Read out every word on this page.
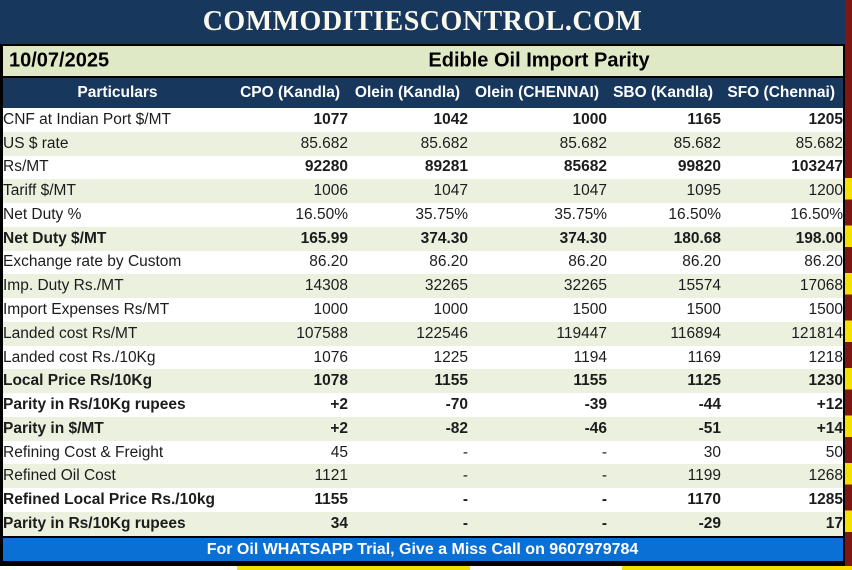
COMMODITIESCONTROL.COM
10/07/2025	Edible Oil Import Parity
Particulars	CPO (Kandla)	Olein (Kandla)	Olein (CHENNAI)	SBO (Kandla)	SFO (Chennai)
CNF at Indian Port $/MT	1077	1042	1000	1165	1205
US $ rate	85.682	85.682	85.682	85.682	85.682
Rs/MT	92280	89281	85682	99820	103247
Tariff $/MT	1006	1047	1047	1095	1200
Net Duty %	16.50%	35.75%	35.75%	16.50%	16.50%
Net Duty $/MT	165.99	374.30	374.30	180.68	198.00
Exchange rate by Custom	86.20	86.20	86.20	86.20	86.20
Imp. Duty Rs./MT	14308	32265	32265	15574	17068
Import Expenses Rs/MT	1000	1000	1500	1500	1500
Landed cost Rs/MT	107588	122546	119447	116894	121814
Landed cost Rs./10Kg	1076	1225	1194	1169	1218
Local Price Rs/10Kg	1078	1155	1155	1125	1230
Parity in Rs/10Kg rupees	+2	-70	-39	-44	+12
Parity in $/MT	+2	-82	-46	-51	+14
Refining Cost & Freight	45	-	-	30	50
Refined Oil Cost	1121	-	-	1199	1268
Refined Local Price Rs./10kg	1155	-	-	1170	1285
Parity in Rs/10Kg rupees	34	-	-	-29	17
For Oil WHATSAPP Trial, Give a Miss Call on 9607979784
